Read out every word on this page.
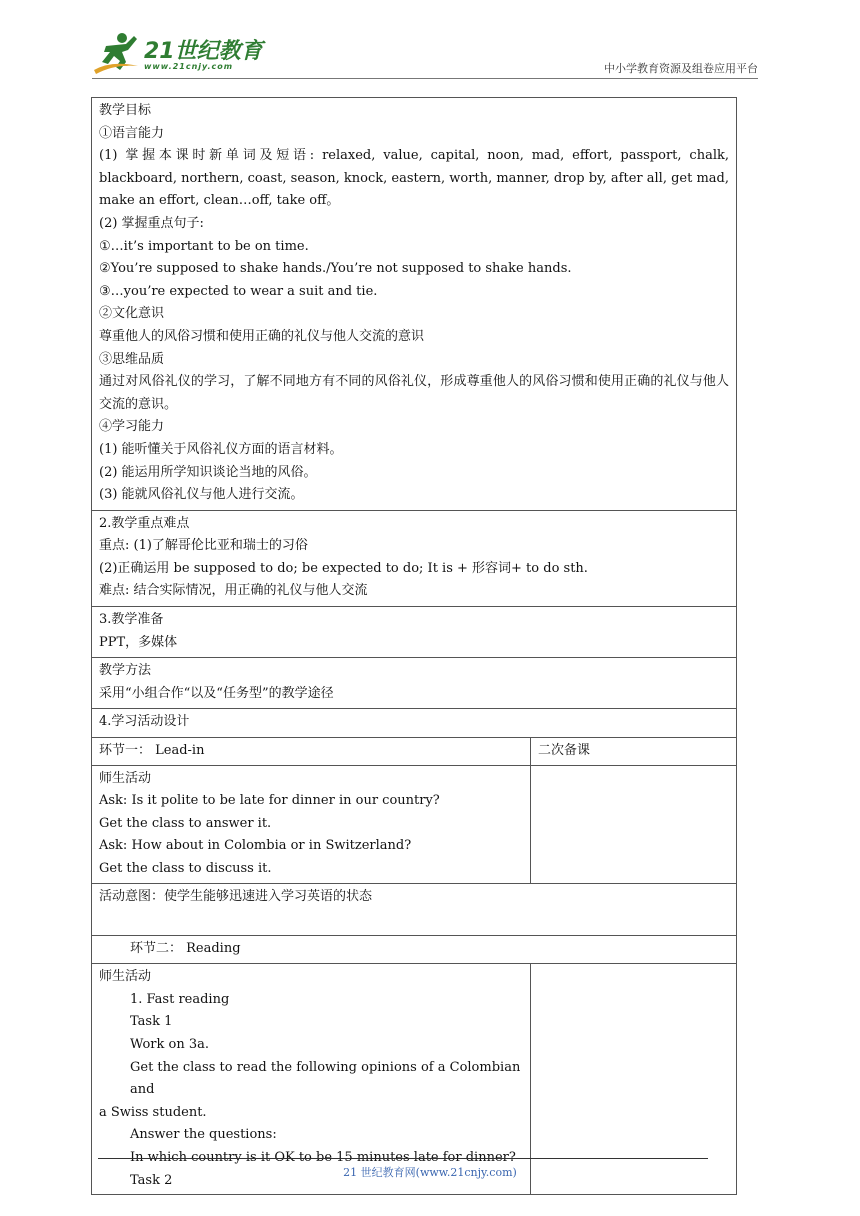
21世纪教育
www.21cnjy.com	中小学教育资源及组卷应用平台
教学目标
①语言能力
(1) 掌握本课时新单词及短语: relaxed, value, capital, noon, mad, effort, passport, chalk, blackboard, northern, coast, season, knock, eastern, worth, manner, drop by, after all, get mad, make an effort, clean…off, take off。
(2) 掌握重点句子:
①…it’s important to be on time.
②You’re supposed to shake hands./You’re not supposed to shake hands.
③…you’re expected to wear a suit and tie.
②文化意识
尊重他人的风俗习惯和使用正确的礼仪与他人交流的意识
③思维品质
通过对风俗礼仪的学习，了解不同地方有不同的风俗礼仪，形成尊重他人的风俗习惯和使用正确的礼仪与他人交流的意识。
④学习能力
(1) 能听懂关于风俗礼仪方面的语言材料。
(2) 能运用所学知识谈论当地的风俗。
(3) 能就风俗礼仪与他人进行交流。
2.教学重点难点
重点: (1)了解哥伦比亚和瑞士的习俗
(2)正确运用 be supposed to do; be expected to do; It is + 形容词+ to do sth.
难点: 结合实际情况，用正确的礼仪与他人交流
3.教学准备
PPT，多媒体
教学方法
采用“小组合作“以及“任务型”的教学途径
4.学习活动设计
环节一： Lead-in	二次备课
师生活动
Ask: Is it polite to be late for dinner in our country?
Get the class to answer it.
Ask: How about in Colombia or in Switzerland?
Get the class to discuss it.
活动意图：使学生能够迅速进入学习英语的状态
环节二： Reading
师生活动
1. Fast reading
Task 1
Work on 3a.
Get the class to read the following opinions of a Colombian and
a Swiss student.
Answer the questions:
In which country is it OK to be 15 minutes late for dinner?
Task 2
21 世纪教育网(www.21cnjy.com)
